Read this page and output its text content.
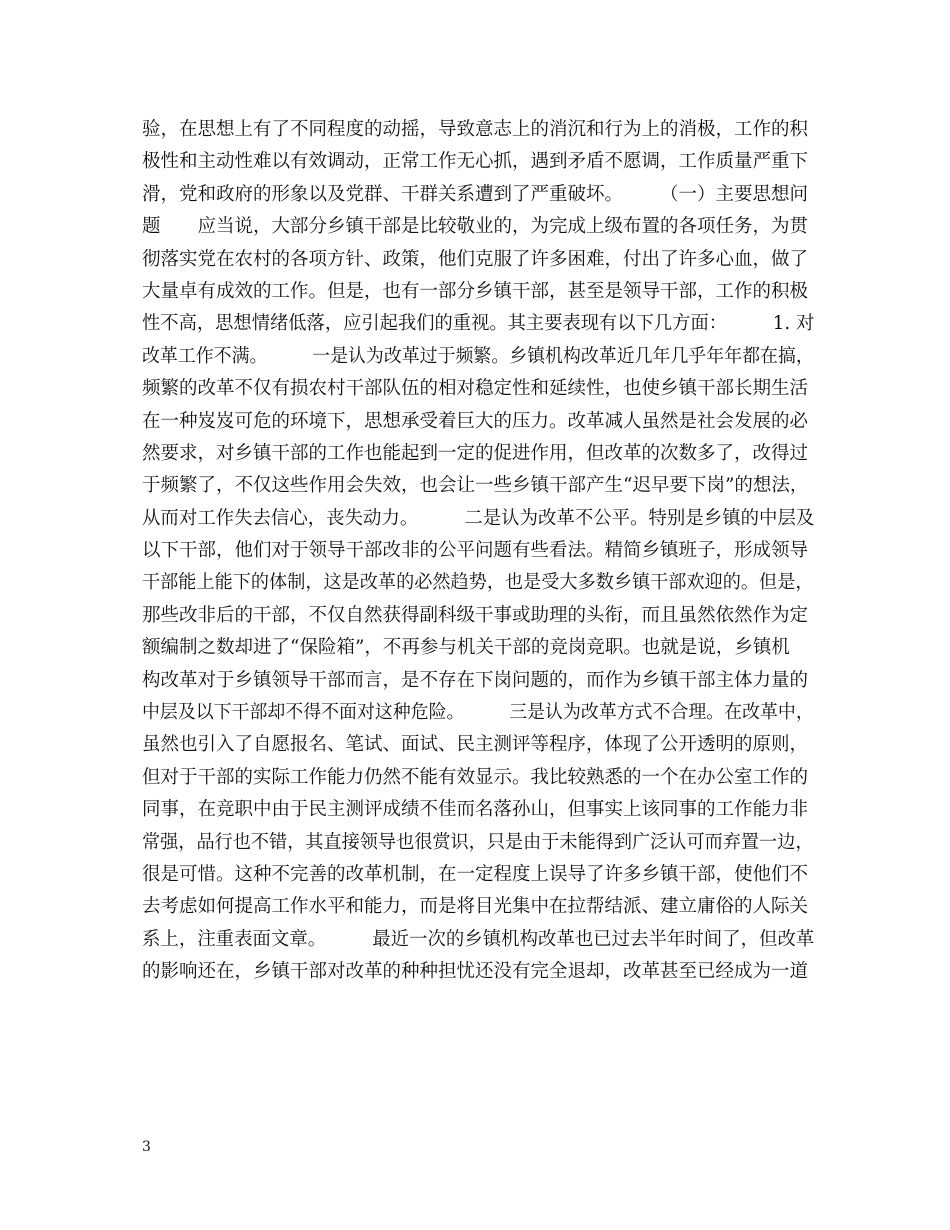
验，在思想上有了不同程度的动摇，导致意志上的消沉和行为上的消极，工作的积
极性和主动性难以有效调动，正常工作无心抓，遇到矛盾不愿调，工作质量严重下
滑，党和政府的形象以及党群、干群关系遭到了严重破坏。　　　（一）主要思想问
题　　应当说，大部分乡镇干部是比较敬业的，为完成上级布置的各项任务，为贯
彻落实党在农村的各项方针、政策，他们克服了许多困难，付出了许多心血，做了
大量卓有成效的工作。但是，也有一部分乡镇干部，甚至是领导干部，工作的积极
性不高，思想情绪低落，应引起我们的重视。其主要表现有以下几方面：　　　1. 对
改革工作不满。　　　一是认为改革过于频繁。乡镇机构改革近几年几乎年年都在搞，
频繁的改革不仅有损农村干部队伍的相对稳定性和延续性，也使乡镇干部长期生活
在一种岌岌可危的环境下，思想承受着巨大的压力。改革减人虽然是社会发展的必
然要求，对乡镇干部的工作也能起到一定的促进作用，但改革的次数多了，改得过
于频繁了，不仅这些作用会失效，也会让一些乡镇干部产生“迟早要下岗”的想法，
从而对工作失去信心，丧失动力。　　　二是认为改革不公平。特别是乡镇的中层及
以下干部，他们对于领导干部改非的公平问题有些看法。精简乡镇班子，形成领导
干部能上能下的体制，这是改革的必然趋势，也是受大多数乡镇干部欢迎的。但是，
那些改非后的干部，不仅自然获得副科级干事或助理的头衔，而且虽然依然作为定
额编制之数却进了“保险箱”，不再参与机关干部的竞岗竞职。也就是说，乡镇机
构改革对于乡镇领导干部而言，是不存在下岗问题的，而作为乡镇干部主体力量的
中层及以下干部却不得不面对这种危险。　　　三是认为改革方式不合理。在改革中，
虽然也引入了自愿报名、笔试、面试、民主测评等程序，体现了公开透明的原则，
但对于干部的实际工作能力仍然不能有效显示。我比较熟悉的一个在办公室工作的
同事，在竞职中由于民主测评成绩不佳而名落孙山，但事实上该同事的工作能力非
常强，品行也不错，其直接领导也很赏识，只是由于未能得到广泛认可而弃置一边，
很是可惜。这种不完善的改革机制，在一定程度上误导了许多乡镇干部，使他们不
去考虑如何提高工作水平和能力，而是将目光集中在拉帮结派、建立庸俗的人际关
系上，注重表面文章。　　　最近一次的乡镇机构改革也已过去半年时间了，但改革
的影响还在，乡镇干部对改革的种种担忧还没有完全退却，改革甚至已经成为一道
3
